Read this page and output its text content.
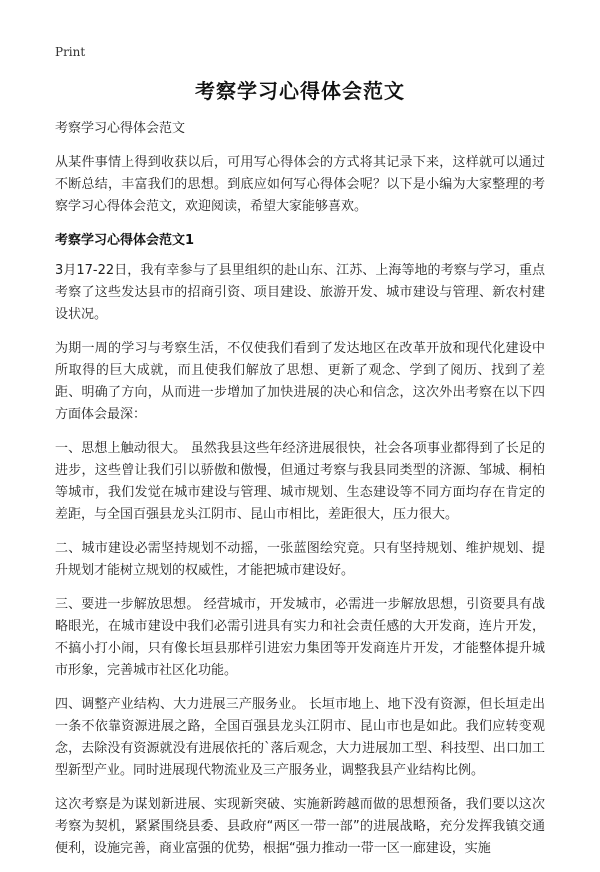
Print
考察学习心得体会范文

考察学习心得体会范文

从某件事情上得到收获以后，可用写心得体会的方式将其记录下来，这样就可以通过不断总结，丰富我们的思想。到底应如何写心得体会呢？以下是小编为大家整理的考察学习心得体会范文，欢迎阅读，希望大家能够喜欢。

考察学习心得体会范文1

3月17-22日，我有幸参与了县里组织的赴山东、江苏、上海等地的考察与学习，重点考察了这些发达县市的招商引资、项目建设、旅游开发、城市建设与管理、新农村建设状况。

为期一周的学习与考察生活，不仅使我们看到了发达地区在改革开放和现代化建设中所取得的巨大成就，而且使我们解放了思想、更新了观念、学到了阅历、找到了差距、明确了方向，从而进一步增加了加快进展的决心和信念，这次外出考察在以下四方面体会最深：

一、思想上触动很大。 虽然我县这些年经济进展很快，社会各项事业都得到了长足的进步，这些曾让我们引以骄傲和傲慢，但通过考察与我县同类型的济源、邹城、桐柏等城市，我们发觉在城市建设与管理、城市规划、生态建设等不同方面均存在肯定的差距，与全国百强县龙头江阴市、昆山市相比，差距很大，压力很大。

二、城市建设必需坚持规划不动摇，一张蓝图绘究竟。只有坚持规划、维护规划、提升规划才能树立规划的权威性，才能把城市建设好。

三、要进一步解放思想。 经营城市，开发城市，必需进一步解放思想，引资要具有战略眼光，在城市建设中我们必需引进具有实力和社会责任感的大开发商，连片开发，不搞小打小闹，只有像长垣县那样引进宏力集团等开发商连片开发，才能整体提升城市形象，完善城市社区化功能。

四、调整产业结构、大力进展三产服务业。 长垣市地上、地下没有资源，但长垣走出一条不依靠资源进展之路，全国百强县龙头江阴市、昆山市也是如此。我们应转变观念，去除没有资源就没有进展依托的`落后观念，大力进展加工型、科技型、出口加工型新型产业。同时进展现代物流业及三产服务业，调整我县产业结构比例。

这次考察是为谋划新进展、实现新突破、实施新跨越而做的思想预备，我们要以这次考察为契机，紧紧围绕县委、县政府“两区一带一部”的进展战略，充分发挥我镇交通便利，设施完善，商业富强的优势，根据“强力推动一带一区一廊建设，实施
